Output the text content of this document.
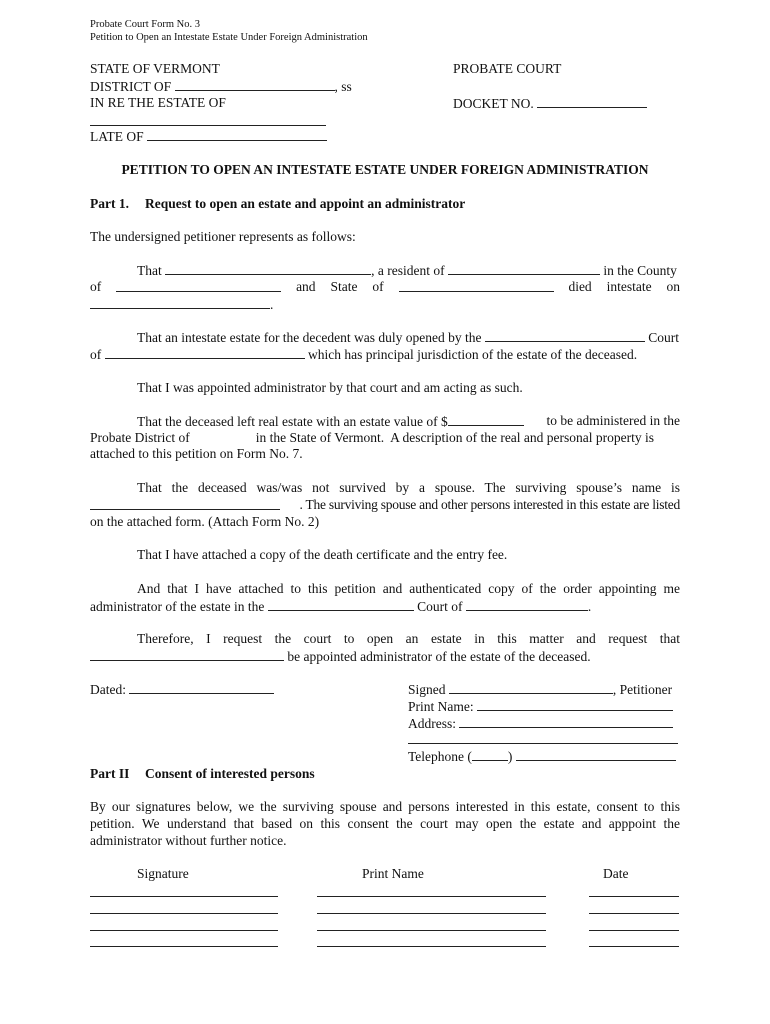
Probate Court Form No. 3
Petition to Open an Intestate Estate Under Foreign Administration
STATE OF VERMONT	PROBATE COURT
DISTRICT OF	, ss
IN RE THE ESTATE OF	DOCKET NO.
LATE OF
PETITION TO OPEN AN INTESTATE ESTATE UNDER FOREIGN ADMINISTRATION
Part 1. Request to open an estate and appoint an administrator
The undersigned petitioner represents as follows:
That	, a resident of	in the County
of	and State of	died intestate on
.
That an intestate estate for the decedent was duly opened by the	Court
of	which has principal jurisdiction of the estate of the deceased.
That I was appointed administrator by that court and am acting as such.
That the deceased left real estate with an estate value of $	to be administered in the
Probate District of	in the State of Vermont.  A description of the real and personal property is
attached to this petition on Form No. 7.
That the deceased was/was not survived by a spouse. The surviving spouse’s name is
. The surviving spouse and other persons interested in this estate are listed
on the attached form. (Attach Form No. 2)
That I have attached a copy of the death certificate and the entry fee.
And that I have attached to this petition and authenticated copy of the order appointing me
administrator of the estate in the	Court of	.
Therefore, I request the court to open an estate in this matter and request that
be appointed administrator of the estate of the deceased.
Dated:	Signed	, Petitioner
Print Name:
Address:
Telephone (	)
Part II Consent of interested persons
By our signatures below, we the surviving spouse and persons interested in this estate, consent to this
petition. We understand that based on this consent the court may open the estate and apppoint the
administrator without further notice.
Signature	Print Name	Date
